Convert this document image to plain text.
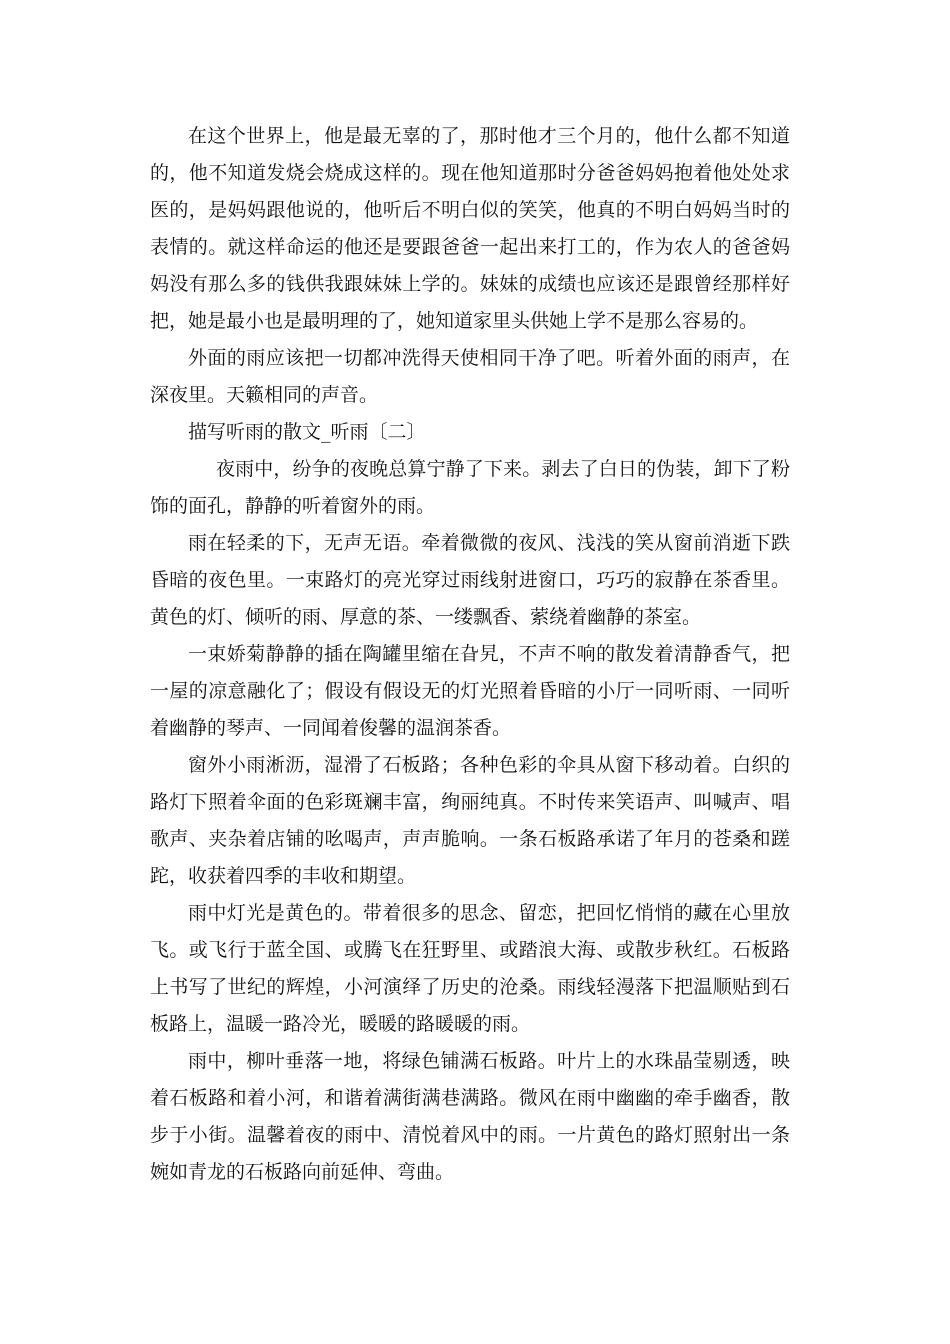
在这个世界上，他是最无辜的了，那时他才三个月的，他什么都不知道的，他不知道发烧会烧成这样的。现在他知道那时分爸爸妈妈抱着他处处求医的，是妈妈跟他说的，他听后不明白似的笑笑，他真的不明白妈妈当时的表情的。就这样命运的他还是要跟爸爸一起出来打工的，作为农人的爸爸妈妈没有那么多的钱供我跟妹妹上学的。妹妹的成绩也应该还是跟曾经那样好把，她是最小也是最明理的了，她知道家里头供她上学不是那么容易的。

外面的雨应该把一切都冲洗得天使相同干净了吧。听着外面的雨声，在深夜里。天籁相同的声音。

描写听雨的散文_听雨〔二〕

夜雨中，纷争的夜晚总算宁静了下来。剥去了白日的伪装，卸下了粉饰的面孔，静静的听着窗外的雨。

雨在轻柔的下，无声无语。牵着微微的夜风、浅浅的笑从窗前消逝下跌昏暗的夜色里。一束路灯的亮光穿过雨线射进窗口，巧巧的寂静在茶香里。黄色的灯、倾听的雨、厚意的茶、一缕飘香、萦绕着幽静的茶室。

一束娇菊静静的插在陶罐里缩在旮旯，不声不响的散发着清静香气，把一屋的凉意融化了；假设有假设无的灯光照着昏暗的小厅一同听雨、一同听着幽静的琴声、一同闻着俊馨的温润茶香。

窗外小雨淅沥，湿滑了石板路；各种色彩的伞具从窗下移动着。白织的路灯下照着伞面的色彩斑斓丰富，绚丽纯真。不时传来笑语声、叫喊声、唱歌声、夹杂着店铺的吆喝声，声声脆响。一条石板路承诺了年月的苍桑和蹉跎，收获着四季的丰收和期望。

雨中灯光是黄色的。带着很多的思念、留恋，把回忆悄悄的藏在心里放飞。或飞行于蓝全国、或腾飞在狂野里、或踏浪大海、或散步秋红。石板路上书写了世纪的辉煌，小河演绎了历史的沧桑。雨线轻漫落下把温顺贴到石板路上，温暖一路冷光，暖暖的路暖暖的雨。

雨中，柳叶垂落一地，将绿色铺满石板路。叶片上的水珠晶莹剔透，映着石板路和着小河，和谐着满街满巷满路。微风在雨中幽幽的牵手幽香，散步于小街。温馨着夜的雨中、清悦着风中的雨。一片黄色的路灯照射出一条婉如青龙的石板路向前延伸、弯曲。
